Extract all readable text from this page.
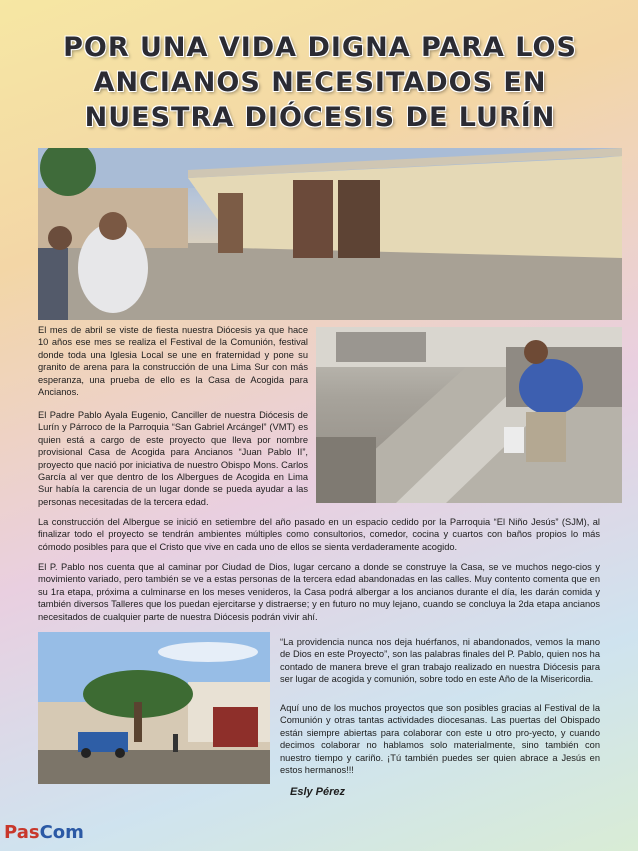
POR UNA VIDA DIGNA PARA LOS
ANCIANOS NECESITADOS EN
NUESTRA DIÓCESIS DE LURÍN

El mes de abril se viste de fiesta nuestra Diócesis ya que hace 10 años ese mes se realiza el Festival de la Comunión, festival donde toda una Iglesia Local se une en fraternidad y pone su granito de arena para la construcción de una Lima Sur con más esperanza, una prueba de ello es la Casa de Acogida para Ancianos.

El Padre Pablo Ayala Eugenio, Canciller de nuestra Diócesis de Lurín y Párroco de la Parroquia “San Gabriel Arcángel” (VMT) es quien está a cargo de este proyecto que lleva por nombre provisional Casa de Acogida para Ancianos “Juan Pablo II”, proyecto que nació por iniciativa de nuestro Obispo Mons. Carlos García al ver que dentro de los Albergues de Acogida en Lima Sur había la carencia de un lugar donde se pueda ayudar a las personas necesitadas de la tercera edad.

La construcción del Albergue se inició en setiembre del año pasado en un espacio cedido por la Parroquia “El Niño Jesús” (SJM), al finalizar todo el proyecto se tendrán ambientes múltiples como consultorios, comedor, cocina y cuartos con baños propios lo más cómodo posibles para que el Cristo que vive en cada uno de ellos se sienta verdaderamente acogido.

El P. Pablo nos cuenta que al caminar por Ciudad de Dios, lugar cercano a donde se construye la Casa, se ve muchos nego-cios y movimiento variado, pero también se ve a estas personas de la tercera edad abandonadas en las calles. Muy contento comenta que en su 1ra etapa, próxima a culminarse en los meses venideros, la Casa podrá albergar a los ancianos durante el día, les darán comida y también diversos Talleres que los puedan ejercitarse y distraerse; y en futuro no muy lejano, cuando se concluya la 2da etapa ancianos necesitados de cualquier parte de nuestra Diócesis podrán vivir ahí.

“La providencia nunca nos deja huérfanos, ni abandonados, vemos la mano de Dios en este Proyecto”, son las palabras finales del P. Pablo, quien nos ha contado de manera breve el gran trabajo realizado en nuestra Diócesis para ser lugar de acogida y comunión, sobre todo en este Año de la Misericordia.

Aquí uno de los muchos proyectos que son posibles gracias al Festival de la Comunión y otras tantas actividades diocesanas. Las puertas del Obispado están siempre abiertas para colaborar con este u otro pro-yecto, y cuando decimos colaborar no hablamos solo materialmente, sino también con nuestro tiempo y cariño. ¡Tú también puedes ser quien abrace a Jesús en estos hermanos!!!

Esly Pérez
PasCom
